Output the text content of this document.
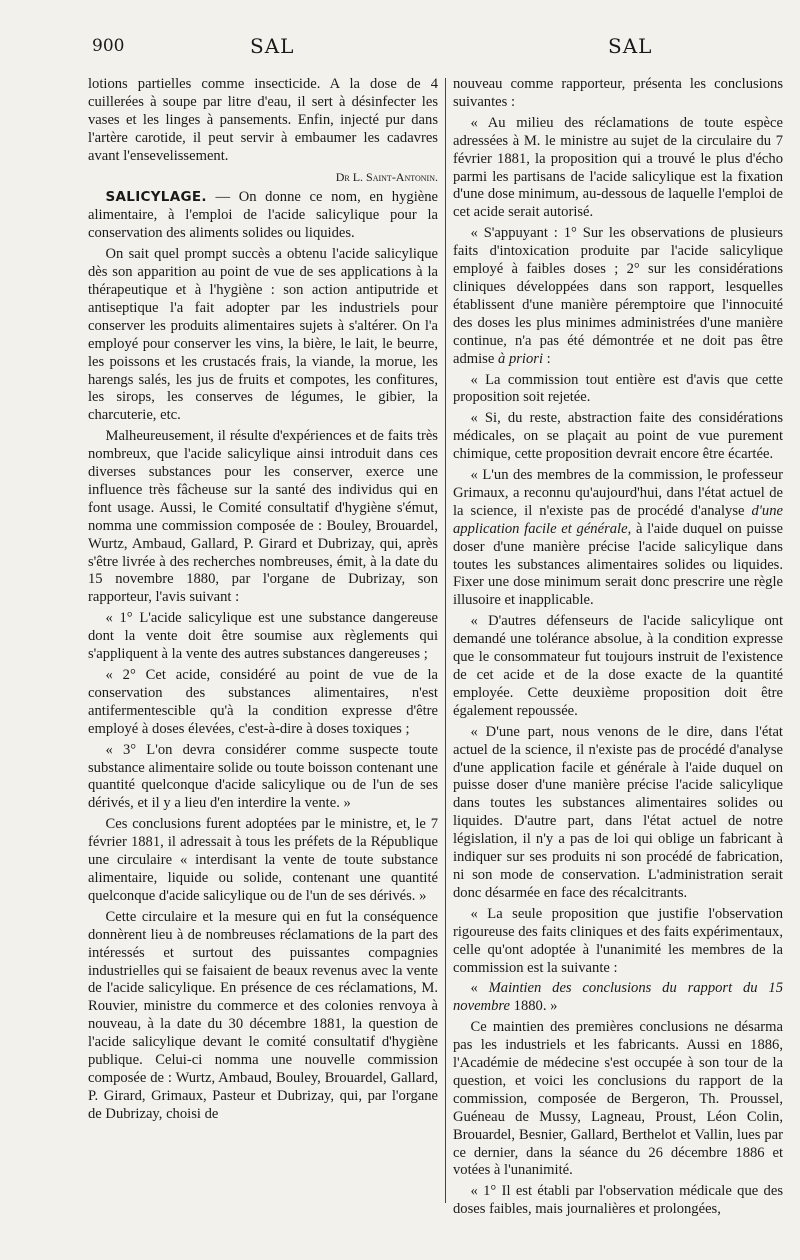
900	SAL	SAL

lotions partielles comme insecticide. A la dose de 4 cuillerées à soupe par litre d'eau, il sert à désinfecter les vases et les linges à pansements. Enfin, injecté pur dans l'artère carotide, il peut servir à embaumer les cadavres avant l'ensevelissement.

Dr L. Saint-Antonin.

SALICYLAGE. — On donne ce nom, en hygiène alimentaire, à l'emploi de l'acide salicylique pour la conservation des aliments solides ou liquides.

On sait quel prompt succès a obtenu l'acide salicylique dès son apparition au point de vue de ses applications à la thérapeutique et à l'hygiène : son action antiputride et antiseptique l'a fait adopter par les industriels pour conserver les produits alimentaires sujets à s'altérer. On l'a employé pour conserver les vins, la bière, le lait, le beurre, les poissons et les crustacés frais, la viande, la morue, les harengs salés, les jus de fruits et compotes, les confitures, les sirops, les conserves de légumes, le gibier, la charcuterie, etc.

Malheureusement, il résulte d'expériences et de faits très nombreux, que l'acide salicylique ainsi introduit dans ces diverses substances pour les conserver, exerce une influence très fâcheuse sur la santé des individus qui en font usage. Aussi, le Comité consultatif d'hygiène s'émut, nomma une commission composée de : Bouley, Brouardel, Wurtz, Ambaud, Gallard, P. Girard et Dubrizay, qui, après s'être livrée à des recherches nombreuses, émit, à la date du 15 novembre 1880, par l'organe de Dubrizay, son rapporteur, l'avis suivant :

« 1° L'acide salicylique est une substance dangereuse dont la vente doit être soumise aux règlements qui s'appliquent à la vente des autres substances dangereuses ;

« 2° Cet acide, considéré au point de vue de la conservation des substances alimentaires, n'est antifermentescible qu'à la condition expresse d'être employé à doses élevées, c'est-à-dire à doses toxiques ;

« 3° L'on devra considérer comme suspecte toute substance alimentaire solide ou toute boisson contenant une quantité quelconque d'acide salicylique ou de l'un de ses dérivés, et il y a lieu d'en interdire la vente. »

Ces conclusions furent adoptées par le ministre, et, le 7 février 1881, il adressait à tous les préfets de la République une circulaire « interdisant la vente de toute substance alimentaire, liquide ou solide, contenant une quantité quelconque d'acide salicylique ou de l'un de ses dérivés. »

Cette circulaire et la mesure qui en fut la conséquence donnèrent lieu à de nombreuses réclamations de la part des intéressés et surtout des puissantes compagnies industrielles qui se faisaient de beaux revenus avec la vente de l'acide salicylique. En présence de ces réclamations, M. Rouvier, ministre du commerce et des colonies renvoya à nouveau, à la date du 30 décembre 1881, la question de l'acide salicylique devant le comité consultatif d'hygiène publique. Celui-ci nomma une nouvelle commission composée de : Wurtz, Ambaud, Bouley, Brouardel, Gallard, P. Girard, Grimaux, Pasteur et Dubrizay, qui, par l'organe de Dubrizay, choisi de

nouveau comme rapporteur, présenta les conclusions suivantes :

« Au milieu des réclamations de toute espèce adressées à M. le ministre au sujet de la circulaire du 7 février 1881, la proposition qui a trouvé le plus d'écho parmi les partisans de l'acide salicylique est la fixation d'une dose minimum, au-dessous de laquelle l'emploi de cet acide serait autorisé.

« S'appuyant : 1° Sur les observations de plusieurs faits d'intoxication produite par l'acide salicylique employé à faibles doses ; 2° sur les considérations cliniques développées dans son rapport, lesquelles établissent d'une manière péremptoire que l'innocuité des doses les plus minimes administrées d'une manière continue, n'a pas été démontrée et ne doit pas être admise à priori :

« La commission tout entière est d'avis que cette proposition soit rejetée.

« Si, du reste, abstraction faite des considérations médicales, on se plaçait au point de vue purement chimique, cette proposition devrait encore être écartée.

« L'un des membres de la commission, le professeur Grimaux, a reconnu qu'aujourd'hui, dans l'état actuel de la science, il n'existe pas de procédé d'analyse d'une application facile et générale, à l'aide duquel on puisse doser d'une manière précise l'acide salicylique dans toutes les substances alimentaires solides ou liquides. Fixer une dose minimum serait donc prescrire une règle illusoire et inapplicable.

« D'autres défenseurs de l'acide salicylique ont demandé une tolérance absolue, à la condition expresse que le consommateur fut toujours instruit de l'existence de cet acide et de la dose exacte de la quantité employée. Cette deuxième proposition doit être également repoussée.

« D'une part, nous venons de le dire, dans l'état actuel de la science, il n'existe pas de procédé d'analyse d'une application facile et générale à l'aide duquel on puisse doser d'une manière précise l'acide salicylique dans toutes les substances alimentaires solides ou liquides. D'autre part, dans l'état actuel de notre législation, il n'y a pas de loi qui oblige un fabricant à indiquer sur ses produits ni son procédé de fabrication, ni son mode de conservation. L'administration serait donc désarmée en face des récalcitrants.

« La seule proposition que justifie l'observation rigoureuse des faits cliniques et des faits expérimentaux, celle qu'ont adoptée à l'unanimité les membres de la commission est la suivante :

« Maintien des conclusions du rapport du 15 novembre 1880. »

Ce maintien des premières conclusions ne désarma pas les industriels et les fabricants. Aussi en 1886, l'Académie de médecine s'est occupée à son tour de la question, et voici les conclusions du rapport de la commission, composée de Bergeron, Th. Proussel, Guéneau de Mussy, Lagneau, Proust, Léon Colin, Brouardel, Besnier, Gallard, Berthelot et Vallin, lues par ce dernier, dans la séance du 26 décembre 1886 et votées à l'unanimité.

« 1° Il est établi par l'observation médicale que des doses faibles, mais journalières et prolongées,
